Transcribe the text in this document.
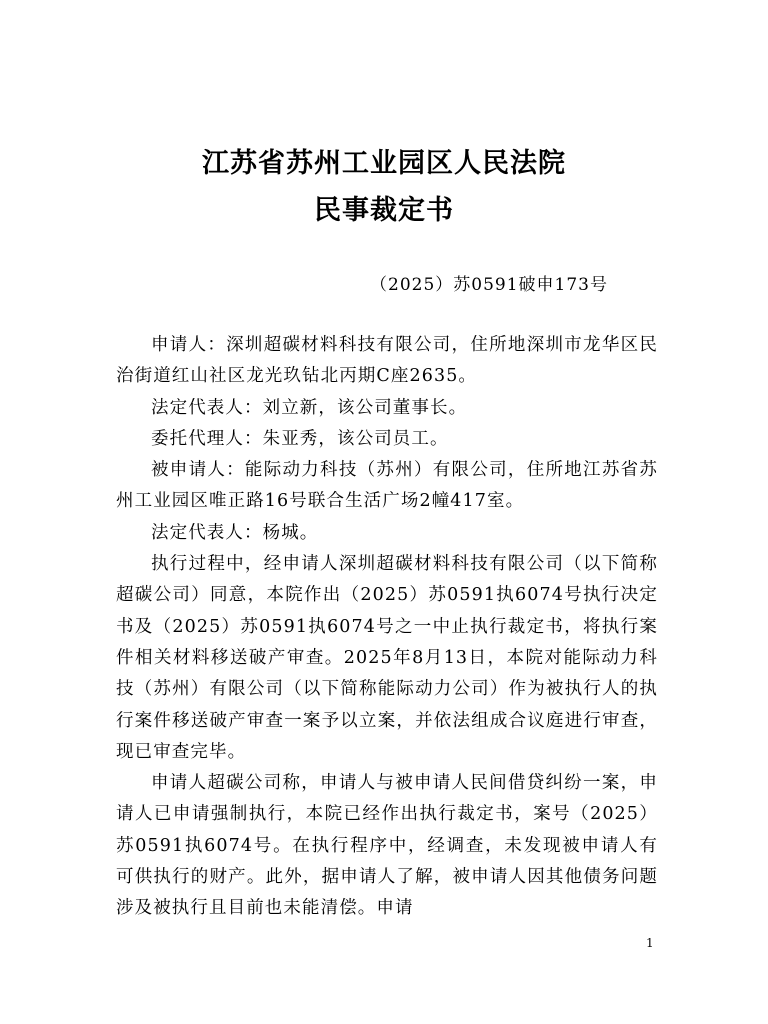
江苏省苏州工业园区人民法院
民事裁定书
（2025）苏0591破申173号

申请人：深圳超碳材料科技有限公司，住所地深圳市龙华区民治街道红山社区龙光玖钻北丙期C座2635。

法定代表人：刘立新，该公司董事长。

委托代理人：朱亚秀，该公司员工。

被申请人：能际动力科技（苏州）有限公司，住所地江苏省苏州工业园区唯正路16号联合生活广场2幢417室。

法定代表人：杨城。

执行过程中，经申请人深圳超碳材料科技有限公司（以下简称超碳公司）同意，本院作出（2025）苏0591执6074号执行决定书及（2025）苏0591执6074号之一中止执行裁定书，将执行案件相关材料移送破产审查。2025年8月13日，本院对能际动力科技（苏州）有限公司（以下简称能际动力公司）作为被执行人的执行案件移送破产审查一案予以立案，并依法组成合议庭进行审查，现已审查完毕。

申请人超碳公司称，申请人与被申请人民间借贷纠纷一案，申请人已申请强制执行，本院已经作出执行裁定书，案号（2025）苏0591执6074号。在执行程序中，经调查，未发现被申请人有可供执行的财产。此外，据申请人了解，被申请人因其他债务问题涉及被执行且目前也未能清偿。申请

1
